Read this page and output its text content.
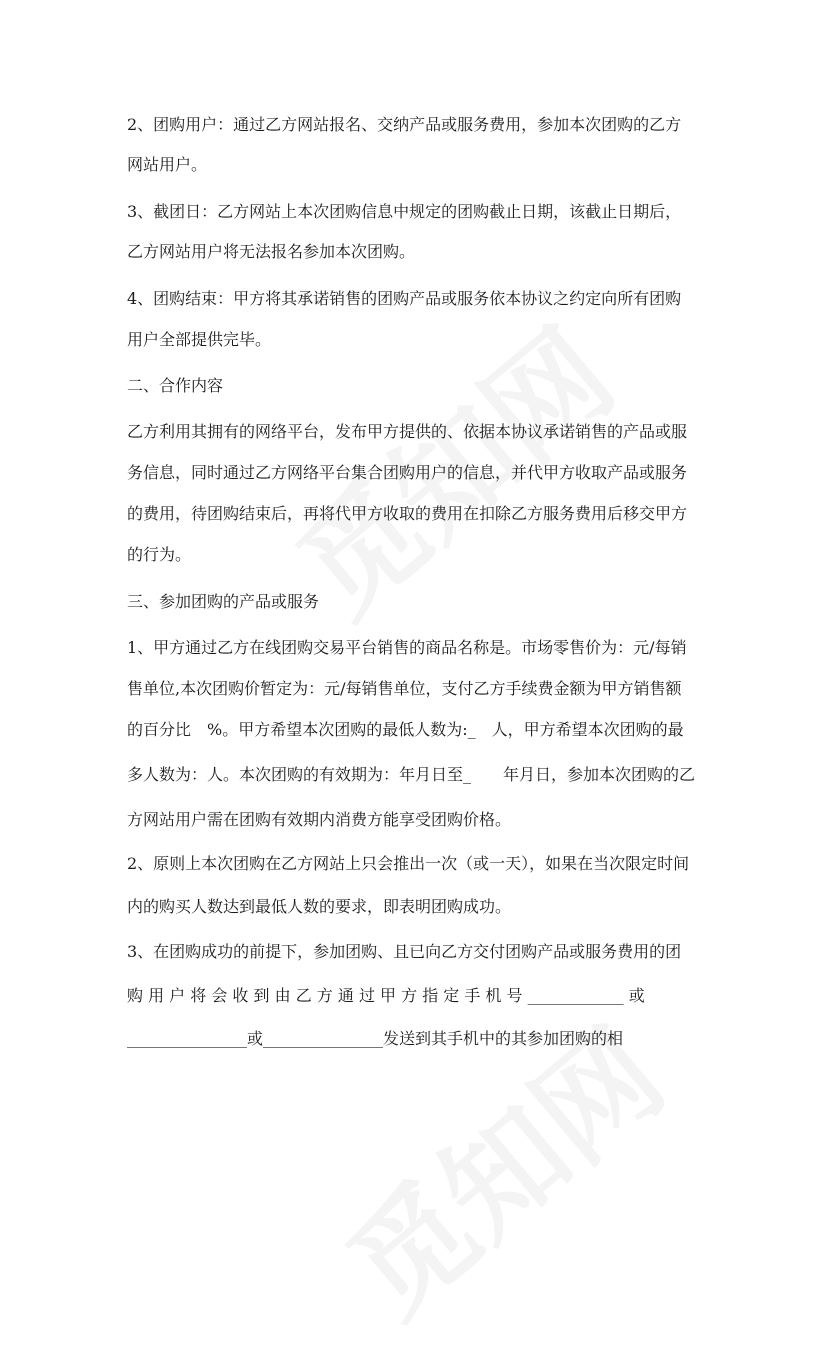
2、团购用户：通过乙方网站报名、交纳产品或服务费用，参加本次团购的乙方
网站用户。
3、截团日：乙方网站上本次团购信息中规定的团购截止日期，该截止日期后，
乙方网站用户将无法报名参加本次团购。
4、团购结束：甲方将其承诺销售的团购产品或服务依本协议之约定向所有团购
用户全部提供完毕。
二、合作内容
乙方利用其拥有的网络平台，发布甲方提供的、依据本协议承诺销售的产品或服
务信息，同时通过乙方网络平台集合团购用户的信息，并代甲方收取产品或服务
的费用，待团购结束后，再将代甲方收取的费用在扣除乙方服务费用后移交甲方
的行为。
三、参加团购的产品或服务
1、甲方通过乙方在线团购交易平台销售的商品名称是。市场零售价为：元/每销
售单位,本次团购价暂定为：元/每销售单位，支付乙方手续费金额为甲方销售额
的百分比　%。甲方希望本次团购的最低人数为:_　人，甲方希望本次团购的最
多人数为：人。本次团购的有效期为：年月日至_　　年月日，参加本次团购的乙
方网站用户需在团购有效期内消费方能享受团购价格。
2、原则上本次团购在乙方网站上只会推出一次（或一天），如果在当次限定时间
内的购买人数达到最低人数的要求，即表明团购成功。
3、在团购成功的前提下，参加团购、且已向乙方交付团购产品或服务费用的团
购 用 户 将 会 收 到 由 乙 方 通 过 甲 方 指 定 手 机 号 ____________ 或
_______________或_______________发送到其手机中的其参加团购的相
